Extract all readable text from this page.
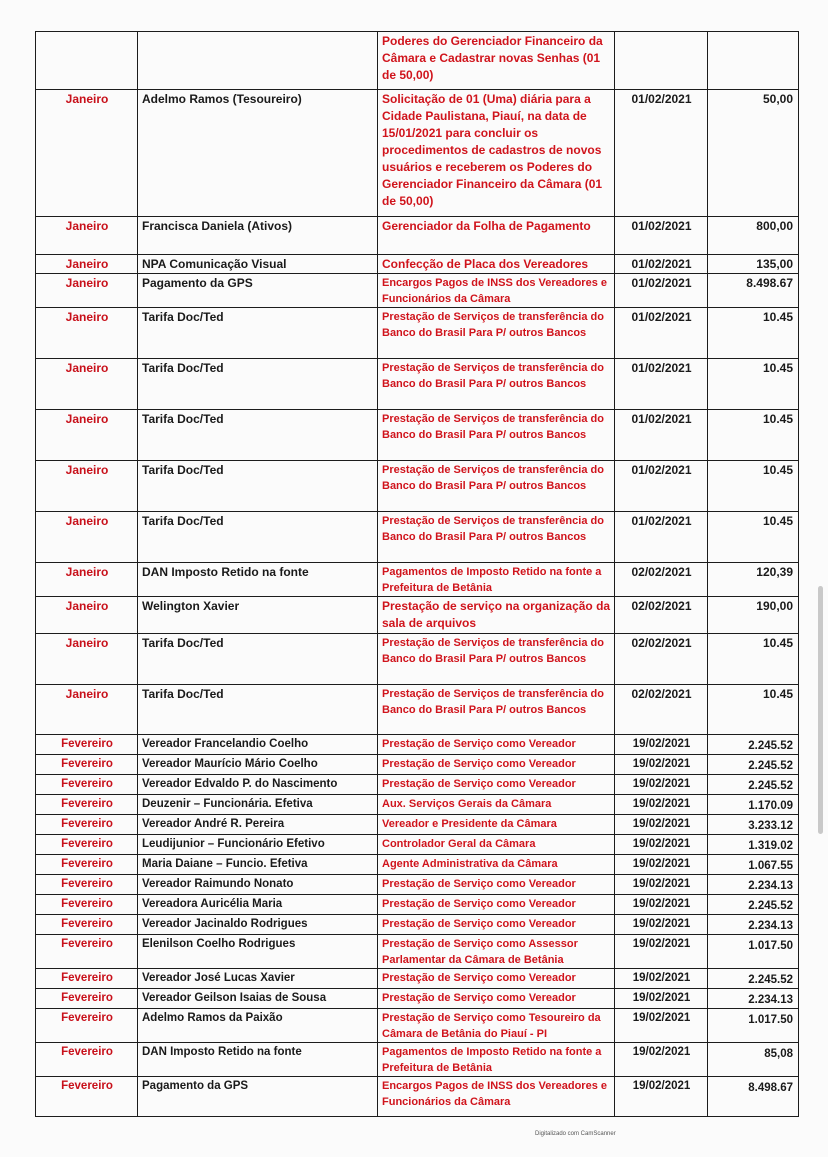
		Poderes do Gerenciador Financeiro da Câmara e Cadastrar novas Senhas (01 de 50,00)		
Janeiro	Adelmo Ramos (Tesoureiro)	Solicitação de 01 (Uma) diária para a Cidade Paulistana, Piauí, na data de 15/01/2021 para concluir os procedimentos de cadastros de novos usuários e receberem os Poderes do Gerenciador Financeiro da Câmara (01 de 50,00)	01/02/2021	50,00
Janeiro	Francisca Daniela (Ativos)	Gerenciador da Folha de Pagamento	01/02/2021	800,00
Janeiro	NPA Comunicação Visual	Confecção de Placa dos Vereadores	01/02/2021	135,00
Janeiro	Pagamento da GPS	Encargos Pagos de INSS dos Vereadores e Funcionários da Câmara	01/02/2021	8.498.67
Janeiro	Tarifa Doc/Ted	Prestação de Serviços de transferência do Banco do Brasil Para P/ outros Bancos	01/02/2021	10.45
Janeiro	Tarifa Doc/Ted	Prestação de Serviços de transferência do Banco do Brasil Para P/ outros Bancos	01/02/2021	10.45
Janeiro	Tarifa Doc/Ted	Prestação de Serviços de transferência do Banco do Brasil Para P/ outros Bancos	01/02/2021	10.45
Janeiro	Tarifa Doc/Ted	Prestação de Serviços de transferência do Banco do Brasil Para P/ outros Bancos	01/02/2021	10.45
Janeiro	Tarifa Doc/Ted	Prestação de Serviços de transferência do Banco do Brasil Para P/ outros Bancos	01/02/2021	10.45
Janeiro	DAN Imposto Retido na fonte	Pagamentos de Imposto Retido na fonte a Prefeitura de Betânia	02/02/2021	120,39
Janeiro	Welington Xavier	Prestação de serviço na organização da sala de arquivos	02/02/2021	190,00
Janeiro	Tarifa Doc/Ted	Prestação de Serviços de transferência do Banco do Brasil Para P/ outros Bancos	02/02/2021	10.45
Janeiro	Tarifa Doc/Ted	Prestação de Serviços de transferência do Banco do Brasil Para P/ outros Bancos	02/02/2021	10.45
Fevereiro	Vereador Francelandio Coelho	Prestação de Serviço como Vereador	19/02/2021	2.245.52
Fevereiro	Vereador Maurício Mário Coelho	Prestação de Serviço como Vereador	19/02/2021	2.245.52
Fevereiro	Vereador Edvaldo P. do Nascimento	Prestação de Serviço como Vereador	19/02/2021	2.245.52
Fevereiro	Deuzenir – Funcionária. Efetiva	Aux. Serviços Gerais da Câmara	19/02/2021	1.170.09
Fevereiro	Vereador André R. Pereira	Vereador e Presidente da Câmara	19/02/2021	3.233.12
Fevereiro	Leudijunior – Funcionário Efetivo	Controlador Geral da Câmara	19/02/2021	1.319.02
Fevereiro	Maria Daiane – Funcio. Efetiva	Agente Administrativa da Câmara	19/02/2021	1.067.55
Fevereiro	Vereador Raimundo Nonato	Prestação de Serviço como Vereador	19/02/2021	2.234.13
Fevereiro	Vereadora Auricélia Maria	Prestação de Serviço como Vereador	19/02/2021	2.245.52
Fevereiro	Vereador Jacinaldo Rodrigues	Prestação de Serviço como Vereador	19/02/2021	2.234.13
Fevereiro	Elenilson Coelho Rodrigues	Prestação de Serviço como Assessor Parlamentar da Câmara de Betânia	19/02/2021	1.017.50
Fevereiro	Vereador José Lucas Xavier	Prestação de Serviço como Vereador	19/02/2021	2.245.52
Fevereiro	Vereador Geilson Isaias de Sousa	Prestação de Serviço como Vereador	19/02/2021	2.234.13
Fevereiro	Adelmo Ramos da Paixão	Prestação de Serviço como Tesoureiro da Câmara de Betânia do Piauí - PI	19/02/2021	1.017.50
Fevereiro	DAN Imposto Retido na fonte	Pagamentos de Imposto Retido na fonte a Prefeitura de Betânia	19/02/2021	85,08
Fevereiro	Pagamento da GPS	Encargos Pagos de INSS dos Vereadores e Funcionários da Câmara	19/02/2021	8.498.67
Digitalizado com CamScanner
